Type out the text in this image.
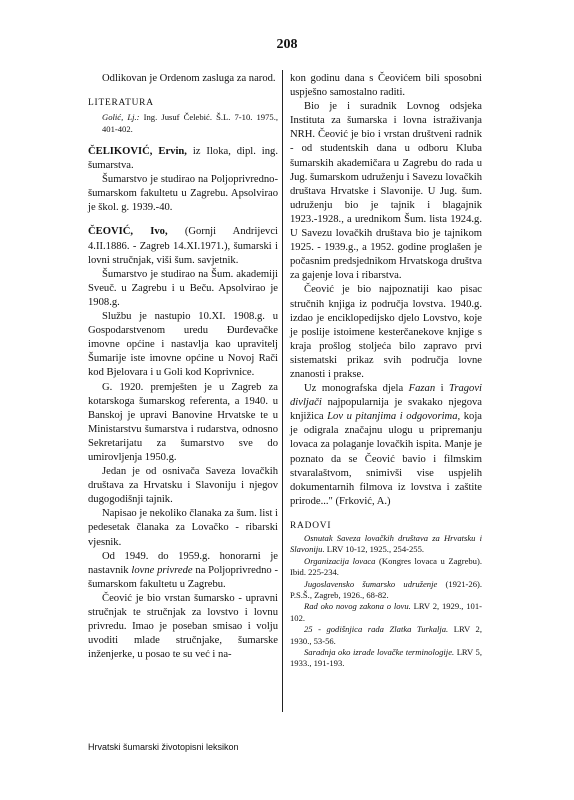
208

Odlikovan je Ordenom zasluga za narod.

LITERATURA

Golić, Lj.: Ing. Jusuf Čelebić. Š.L. 7-10. 1975., 401-402.

ČELIKOVIĆ, Ervin, iz Iloka, dipl. ing. šumarstva.

Šumarstvo je studirao na Poljoprivredno-šumarskom fakultetu u Zagrebu. Apsolvirao je škol. g. 1939.-40.

ČEOVIĆ, Ivo, (Gornji Andrijevci 4.II.1886. - Zagreb 14.XI.1971.), šumarski i lovni stručnjak, viši šum. savjetnik.

Šumarstvo je studirao na Šum. akademiji Sveuč. u Zagrebu i u Beču. Apsolvirao je 1908.g.

Službu je nastupio 10.XI. 1908.g. u Gospodarstvenom uredu Đurđevačke imovne općine i nastavlja kao upravitelj Šumarije iste imovne općine u Novoj Rači kod Bjelovara i u Goli kod Koprivnice.

G. 1920. premješten je u Zagreb za kotarskoga šumarskog referenta, a 1940. u Banskoj je upravi Banovine Hrvatske te u Ministarstvu šumarstva i rudarstva, odnosno Sekretarijatu za šumarstvo sve do umirovljenja 1950.g.

Jedan je od osnivača Saveza lovačkih društava za Hrvatsku i Slavoniju i njegov dugogodišnji tajnik.

Napisao je nekoliko članaka za šum. list i pedesetak članaka za Lovačko - ribarski vjesnik.

Od 1949. do 1959.g. honorarni je nastavnik lovne privrede na Poljoprivredno - šumarskom fakultetu u Zagrebu.

Čeović je bio vrstan šumarsko - upravni stručnjak te stručnjak za lovstvo i lovnu privredu. Imao je poseban smisao i volju uvoditi mlade stručnjake, šumarske inženjerke, u posao te su već i na-

kon godinu dana s Čeovićem bili sposobni uspješno samostalno raditi.

Bio je i suradnik Lovnog odsjeka Instituta za šumarska i lovna istraživanja NRH. Čeović je bio i vrstan društveni radnik - od studentskih dana u odboru Kluba šumarskih akademičara u Zagrebu do rada u Jug. šumarskom udruženju i Savezu lovačkih društava Hrvatske i Slavonije. U Jug. šum. udruženju bio je tajnik i blagajnik 1923.-1928., a urednikom Šum. lista 1924.g. U Savezu lovačkih društava bio je tajnikom 1925. - 1939.g., a 1952. godine proglašen je počasnim predsjednikom Hrvatskoga društva za gajenje lova i ribarstva.

Čeović je bio najpoznatiji kao pisac stručnih knjiga iz područja lovstva. 1940.g. izdao je enciklopedijsko djelo Lovstvo, koje je poslije istoimene kesterčanekove knjige s kraja prošlog stoljeća bilo zapravo prvi sistematski prikaz svih područja lovne znanosti i prakse.

Uz monografska djela Fazan i Tragovi divljači najpopularnija je svakako njegova knjižica Lov u pitanjima i odgovorima, koja je odigrala značajnu ulogu u pripremanju lovaca za polaganje lovačkih ispita. Manje je poznato da se Čeović bavio i filmskim stvaralaštvom, snimivši vise uspjelih dokumentarnih filmova iz lovstva i zaštite prirode..." (Frković, A.)

RADOVI

Osnutak Saveza lovačkih društava za Hrvatsku i Slavoniju. LRV 10-12, 1925., 254-255.

Organizacija lovaca (Kongres lovaca u Zagrebu). Ibid. 225-234.

Jugoslavensko šumarsko udruženje (1921-26). P.S.Š., Zagreb, 1926., 68-82.

Rad oko novog zakona o lovu. LRV 2, 1929., 101-102.

25 - godišnjica rada Zlatka Turkalja. LRV 2, 1930., 53-56.

Saradnja oko izrade lovačke terminologije. LRV 5, 1933., 191-193.

Hrvatski šumarski životopisni leksikon
